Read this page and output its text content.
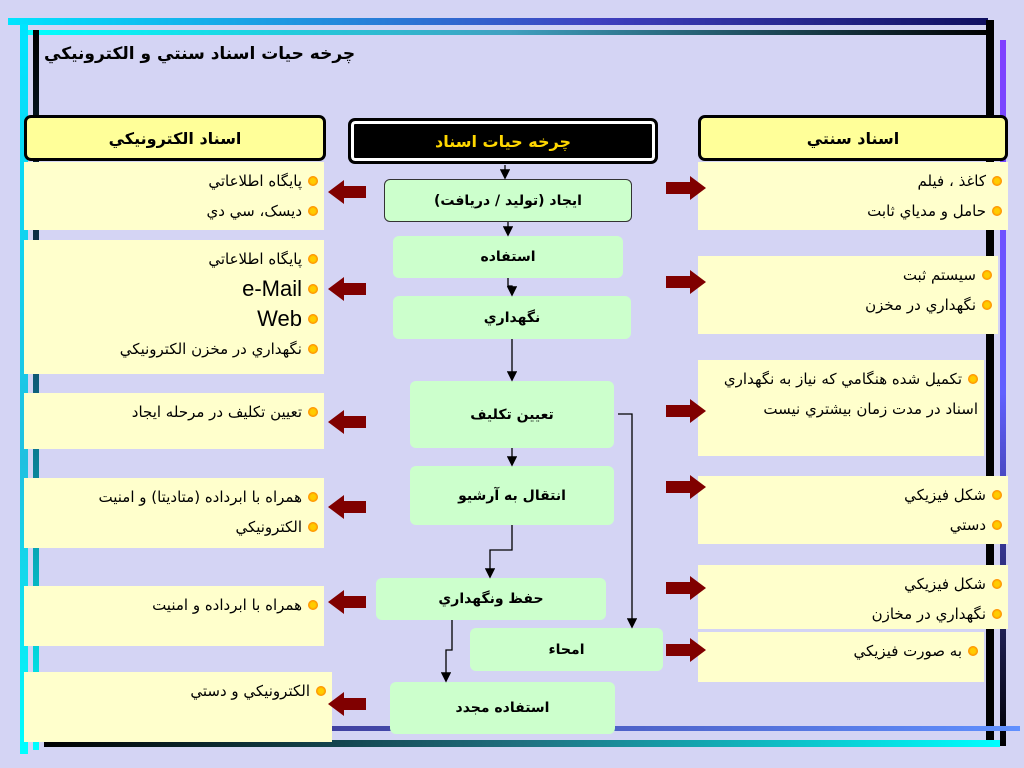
چرخه حيات اسناد سنتي و الکترونيکي
اسناد الکترونيکي	چرخه حيات اسناد	اسناد سنتي
پايگاه اطلاعاتي
ديسک، سي دي
پايگاه اطلاعاتي
e-Mail
Web
نگهداري در مخزن الکترونيکي
تعيين تکليف در مرحله ايجاد
همراه با ابرداده (متاديتا) و امنيت
الکترونيکي
همراه با ابرداده و امنيت
الکترونيکي و دستي
کاغذ ، فيلم
حامل و مدياي ثابت
سيستم ثبت
نگهداري در مخزن
تکميل شده هنگامي که نياز به نگهداري اسناد در مدت زمان بيشتري نيست
شکل فيزيکي
دستي
شکل فيزيکي
نگهداري در مخازن
به صورت فيزيکي
ايجاد (توليد / دريافت)
استفاده
نگهداري
تعيين تکليف
انتقال به آرشيو
حفظ ونگهداري
امحاء
استفاده مجدد
